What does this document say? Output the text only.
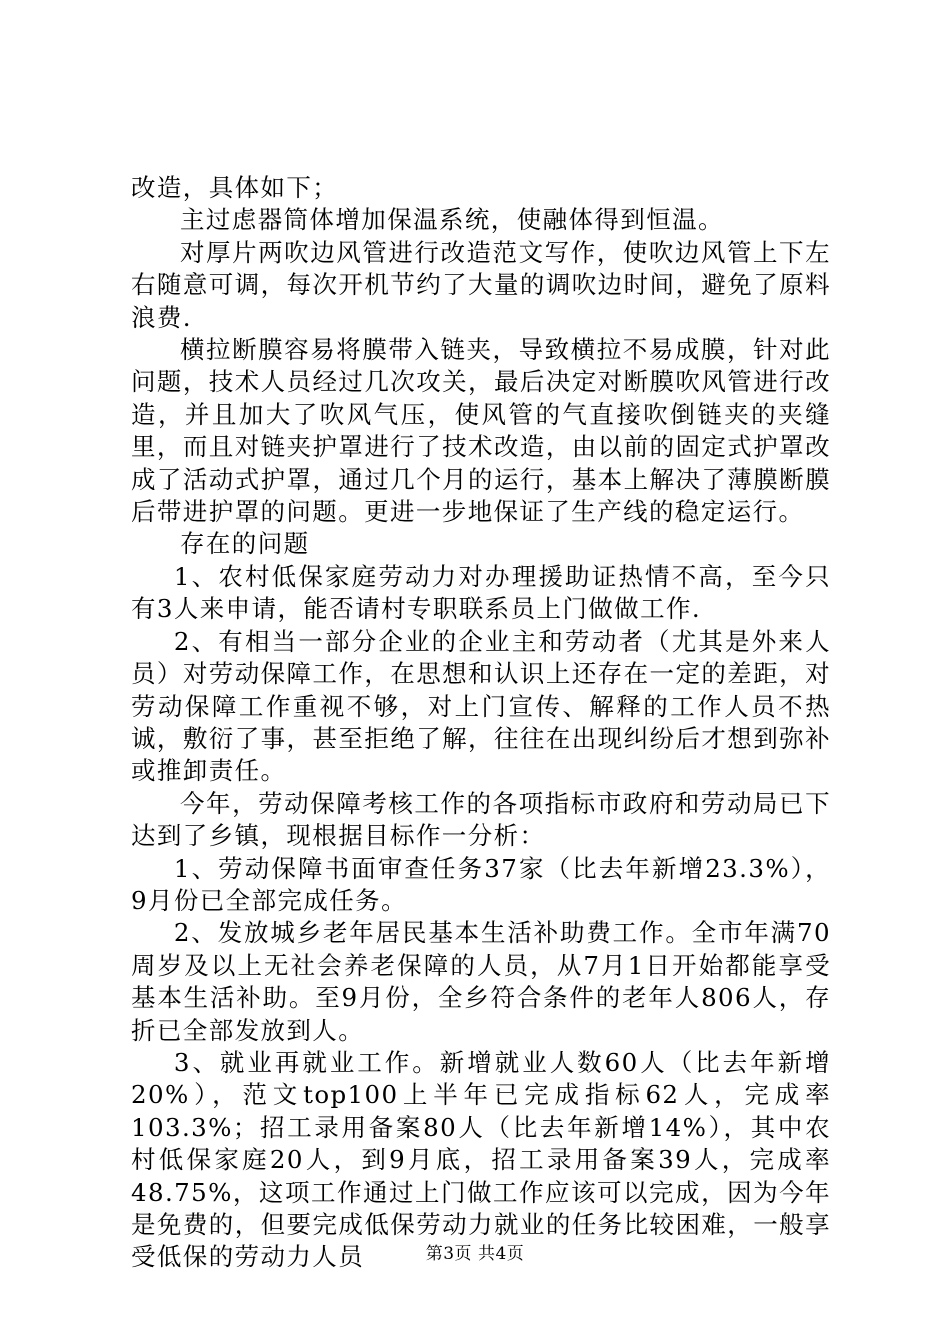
改造，具体如下；

主过虑器筒体增加保温系统，使融体得到恒温。

对厚片两吹边风管进行改造范文写作，使吹边风管上下左右随意可调，每次开机节约了大量的调吹边时间，避免了原料浪费.

横拉断膜容易将膜带入链夹，导致横拉不易成膜，针对此问题，技术人员经过几次攻关，最后决定对断膜吹风管进行改造，并且加大了吹风气压，使风管的气直接吹倒链夹的夹缝里，而且对链夹护罩进行了技术改造，由以前的固定式护罩改成了活动式护罩，通过几个月的运行，基本上解决了薄膜断膜后带进护罩的问题。更进一步地保证了生产线的稳定运行。

存在的问题

1、农村低保家庭劳动力对办理援助证热情不高，至今只有3人来申请，能否请村专职联系员上门做做工作.

2、有相当一部分企业的企业主和劳动者（尤其是外来人员）对劳动保障工作，在思想和认识上还存在一定的差距，对劳动保障工作重视不够，对上门宣传、解释的工作人员不热诚，敷衍了事，甚至拒绝了解，往往在出现纠纷后才想到弥补或推卸责任。

今年，劳动保障考核工作的各项指标市政府和劳动局已下达到了乡镇，现根据目标作一分析：

1、劳动保障书面审查任务37家（比去年新增23.3%），9月份已全部完成任务。

2、发放城乡老年居民基本生活补助费工作。全市年满70周岁及以上无社会养老保障的人员，从7月1日开始都能享受基本生活补助。至9月份，全乡符合条件的老年人806人，存折已全部发放到人。

3、就业再就业工作。新增就业人数60人（比去年新增20%），范文top100上半年已完成指标62人，完成率103.3%；招工录用备案80人（比去年新增14%），其中农村低保家庭20人，到9月底，招工录用备案39人，完成率48.75%，这项工作通过上门做工作应该可以完成，因为今年是免费的，但要完成低保劳动力就业的任务比较困难，一般享受低保的劳动力人员	第3页 共4页
